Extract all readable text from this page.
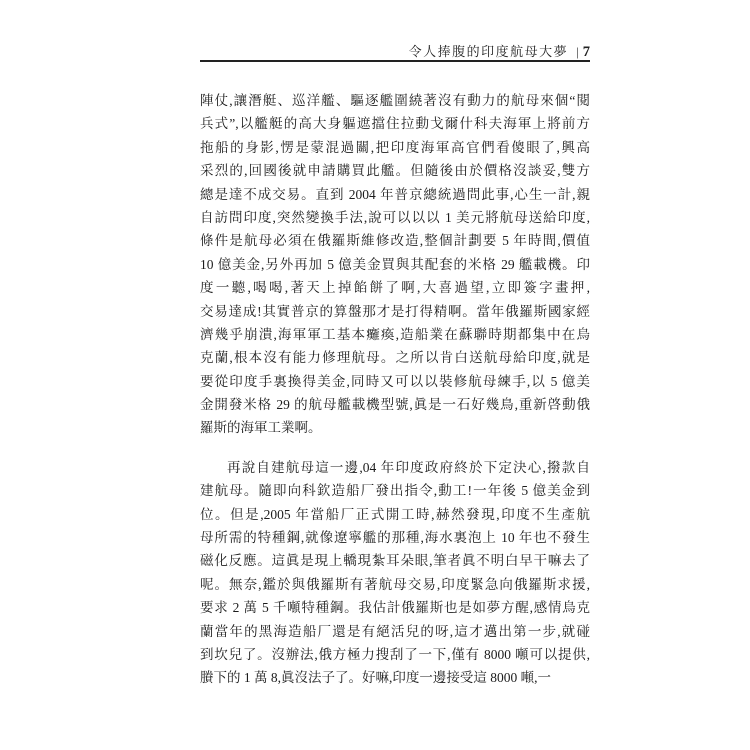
令人捧腹的印度航母大夢 | 7
陣仗,讓潛艇、巡洋艦、驅逐艦圍繞著沒有動力的航母來個“閱
兵式”,以艦艇的高大身軀遮擋住拉動戈爾什科夫海軍上將前方
拖船的身影,愣是蒙混過關,把印度海軍高官們看傻眼了,興高
采烈的,回國後就申請購買此艦。但隨後由於價格沒談妥,雙方
總是達不成交易。直到 2004 年普京總統過問此事,心生一計,親
自訪問印度,突然變換手法,說可以以以 1 美元將航母送給印度,
條件是航母必須在俄羅斯維修改造,整個計劃要 5 年時間,價值
10 億美金,另外再加 5 億美金買與其配套的米格 29 艦載機。印
度一聽,喝喝,著天上掉餡餅了啊,大喜過望,立即簽字畫押,
交易達成!其實普京的算盤那才是打得精啊。當年俄羅斯國家經
濟幾乎崩潰,海軍軍工基本癱瘓,造船業在蘇聯時期都集中在烏
克蘭,根本沒有能力修理航母。之所以肯白送航母給印度,就是
要從印度手裏換得美金,同時又可以以裝修航母練手,以 5 億美
金開發米格 29 的航母艦載機型號,眞是一石好幾鳥,重新啓動俄
羅斯的海軍工業啊。
再說自建航母這一邊,04 年印度政府終於下定決心,撥款自
建航母。隨即向科欽造船厂發出指令,動工!一年後 5 億美金到
位。但是,2005 年當船厂正式開工時,赫然發現,印度不生產航
母所需的特種鋼,就像遼寧艦的那種,海水裏泡上 10 年也不發生
磁化反應。這眞是現上轎現紮耳朵眼,筆者眞不明白早干嘛去了
呢。無奈,鑑於與俄羅斯有著航母交易,印度緊急向俄羅斯求援,
要求 2 萬 5 千噸特種鋼。我估計俄羅斯也是如夢方醒,感情烏克
蘭當年的黑海造船厂還是有絕活兒的呀,這才邁出第一步,就碰
到坎兒了。沒辦法,俄方極力搜刮了一下,僅有 8000 噸可以提供,
賸下的 1 萬 8,眞沒法子了。好嘛,印度一邊接受這 8000 噸,一
